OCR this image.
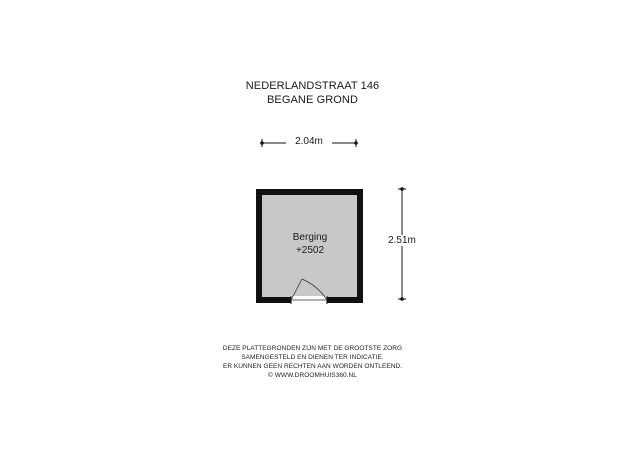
NEDERLANDSTRAAT 146
BEGANE GROND
2.04m
2.51m
Berging
+2502
DEZE PLATTEGRONDEN ZIJN MET DE GROOTSTE ZORG
SAMENGESTELD EN DIENEN TER INDICATIE.
ER KUNNEN GEEN RECHTEN AAN WORDEN ONTLEEND.
© WWW.DROOMHUIS360.NL
